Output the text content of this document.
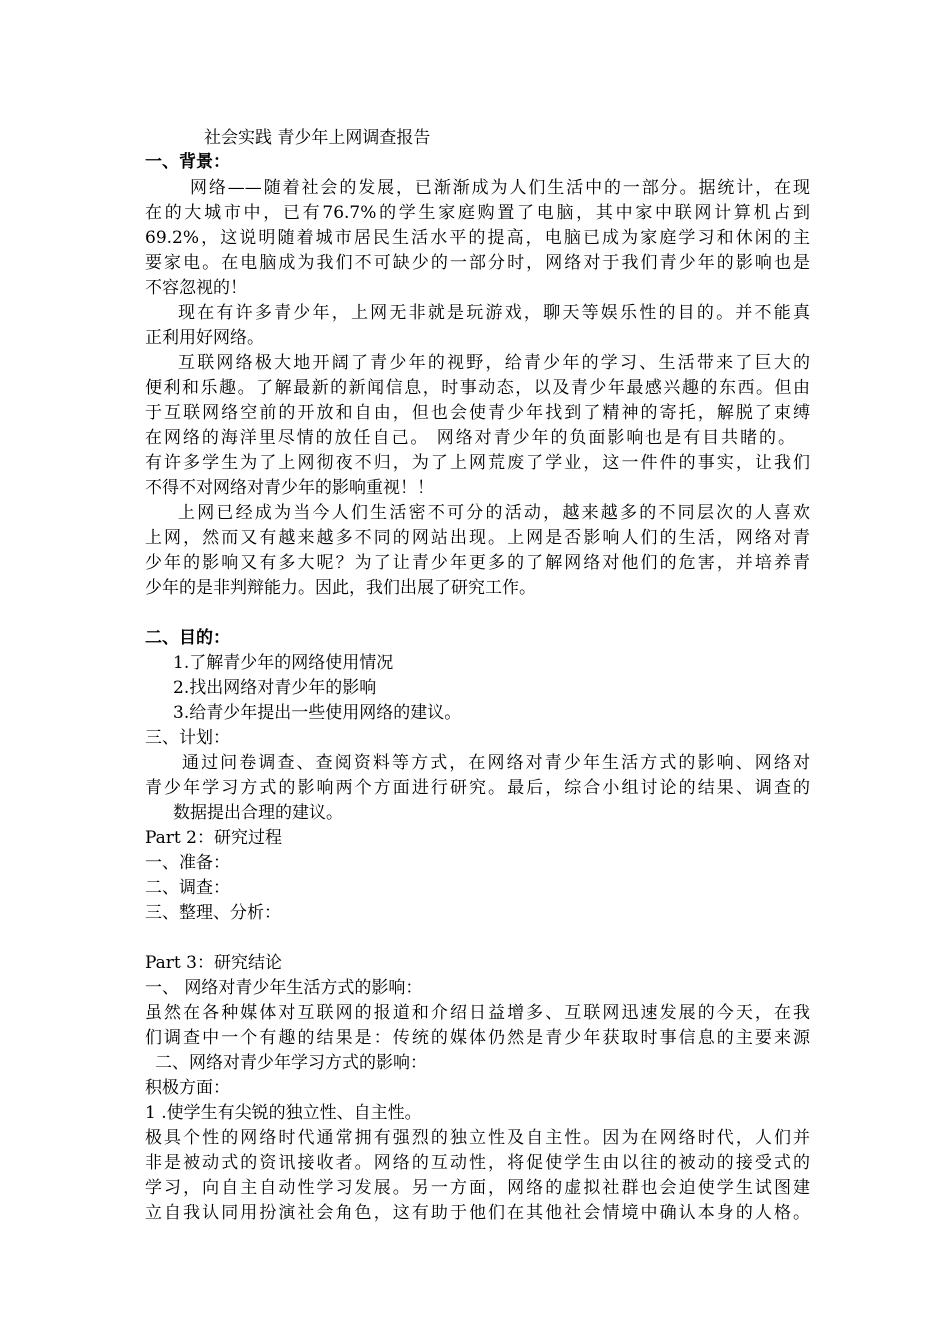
社会实践 青少年上网调查报告
一、背景：
网络——随着社会的发展，已渐渐成为人们生活中的一部分。据统计，在现
在的大城市中，已有76.7%的学生家庭购置了电脑，其中家中联网计算机占到
69.2%，这说明随着城市居民生活水平的提高，电脑已成为家庭学习和休闲的主
要家电。在电脑成为我们不可缺少的一部分时，网络对于我们青少年的影响也是
不容忽视的！
现在有许多青少年，上网无非就是玩游戏，聊天等娱乐性的目的。并不能真
正利用好网络。
互联网络极大地开阔了青少年的视野，给青少年的学习、生活带来了巨大的
便利和乐趣。了解最新的新闻信息，时事动态，以及青少年最感兴趣的东西。但由
于互联网络空前的开放和自由，但也会使青少年找到了精神的寄托，解脱了束缚
在网络的海洋里尽情的放任自己。 网络对青少年的负面影响也是有目共睹的。
有许多学生为了上网彻夜不归，为了上网荒废了学业，这一件件的事实，让我们
不得不对网络对青少年的影响重视！！
上网已经成为当今人们生活密不可分的活动，越来越多的不同层次的人喜欢
上网，然而又有越来越多不同的网站出现。上网是否影响人们的生活，网络对青
少年的影响又有多大呢？为了让青少年更多的了解网络对他们的危害，并培养青
少年的是非判辩能力。因此，我们出展了研究工作。
二、目的：
1.了解青少年的网络使用情况
2.找出网络对青少年的影响
3.给青少年提出一些使用网络的建议。
三、计划：
通过问卷调查、查阅资料等方式，在网络对青少年生活方式的影响、网络对
青少年学习方式的影响两个方面进行研究。最后，综合小组讨论的结果、调查的
数据提出合理的建议。
Part 2：研究过程
一、准备：
二、调查：
三、整理、分析：
Part 3：研究结论
一、 网络对青少年生活方式的影响：
虽然在各种媒体对互联网的报道和介绍日益增多、互联网迅速发展的今天，在我
们调查中一个有趣的结果是：传统的媒体仍然是青少年获取时事信息的主要来源
二、网络对青少年学习方式的影响：
积极方面：
1 .使学生有尖锐的独立性、自主性。
极具个性的网络时代通常拥有强烈的独立性及自主性。因为在网络时代，人们并
非是被动式的资讯接收者。网络的互动性，将促使学生由以往的被动的接受式的
学习，向自主自动性学习发展。另一方面，网络的虚拟社群也会迫使学生试图建
立自我认同用扮演社会角色，这有助于他们在其他社会情境中确认本身的人格。
